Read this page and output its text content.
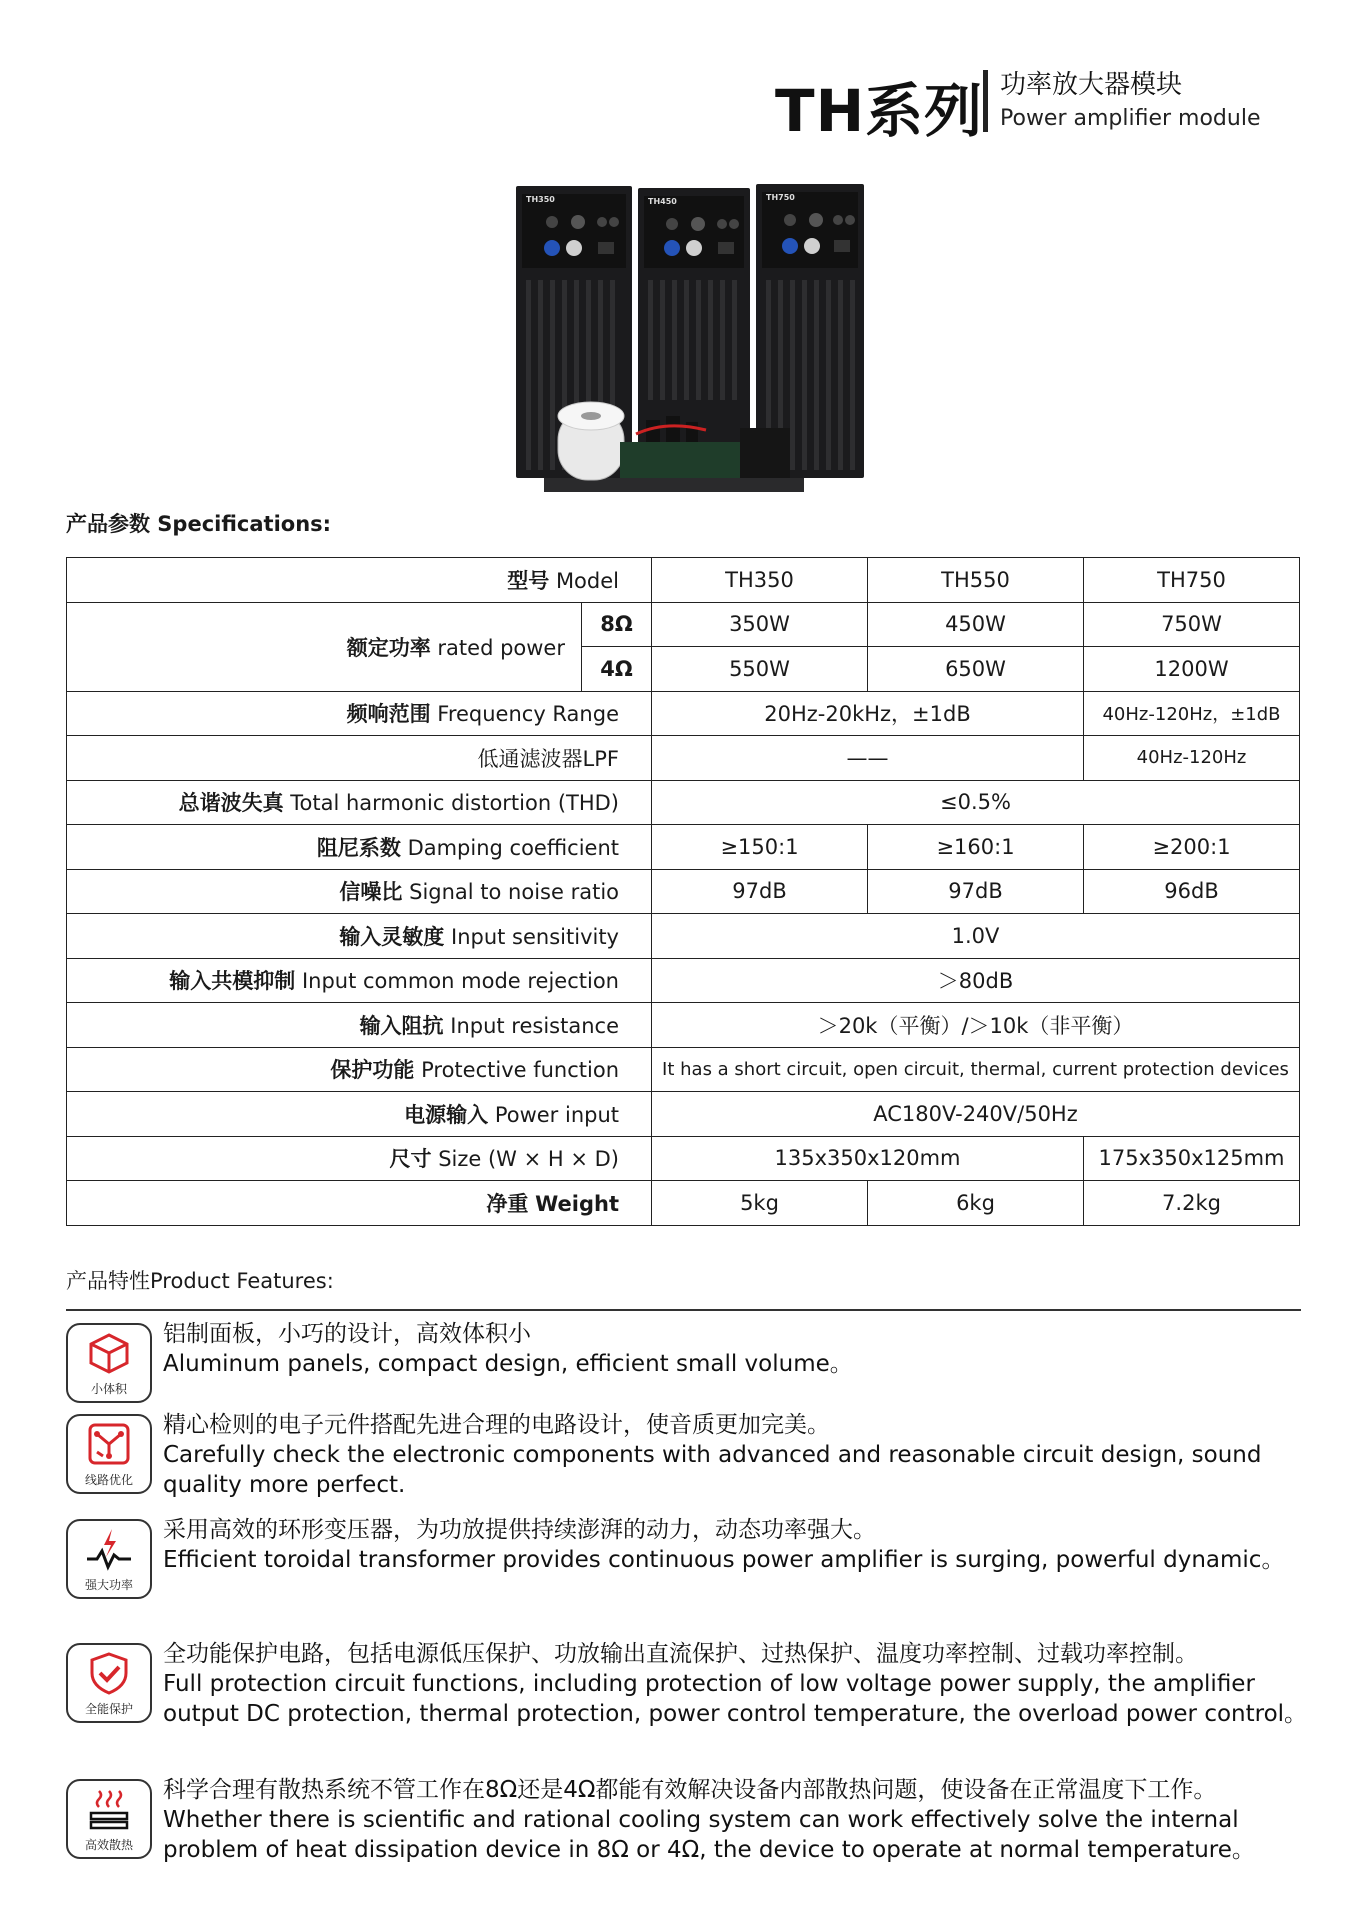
TH系列 功率放大器模块
Power amplifier module
TH350	TH450	TH750
产品参数 Specifications:
型号 Model		TH350	TH550	TH750
额定功率 rated power	8Ω	350W	450W	750W
	4Ω	550W	650W	1200W
频响范围 Frequency Range		20Hz-20kHz，±1dB		40Hz-120Hz，±1dB
低通滤波器LPF		——		40Hz-120Hz
总谐波失真 Total harmonic distortion (THD)		≤0.5%		
阻尼系数 Damping coefficient		≥150:1	≥160:1	≥200:1
信噪比 Signal to noise ratio		97dB	97dB	96dB
输入灵敏度 Input sensitivity		1.0V		
输入共模抑制 Input common mode rejection		＞80dB		
输入阻抗 Input resistance		＞20k（平衡）/＞10k（非平衡）		
保护功能 Protective function		It has a short circuit, open circuit, thermal, current protection devices		
电源输入 Power input		AC180V-240V/50Hz		
尺寸 Size (W × H × D)		135x350x120mm		175x350x125mm
净重 Weight		5kg	6kg	7.2kg
产品特性Product Features:
小体积
铝制面板，小巧的设计，高效体积小
Aluminum panels, compact design, efficient small volume。
线路优化
精心检则的电子元件搭配先进合理的电路设计，使音质更加完美。
Carefully check the electronic components with advanced and reasonable circuit design, sound quality more perfect.
强大功率
采用高效的环形变压器，为功放提供持续澎湃的动力，动态功率强大。
Efficient toroidal transformer provides continuous power amplifier is surging, powerful dynamic。
全能保护
全功能保护电路，包括电源低压保护、功放输出直流保护、过热保护、温度功率控制、过载功率控制。
Full protection circuit functions, including protection of low voltage power supply, the amplifier output DC protection, thermal protection, power control temperature, the overload power control。
高效散热
科学合理有散热系统不管工作在8Ω还是4Ω都能有效解决设备内部散热问题，使设备在正常温度下工作。
Whether there is scientific and rational cooling system can work effectively solve the internal problem of heat dissipation device in 8Ω or 4Ω, the device to operate at normal temperature。
